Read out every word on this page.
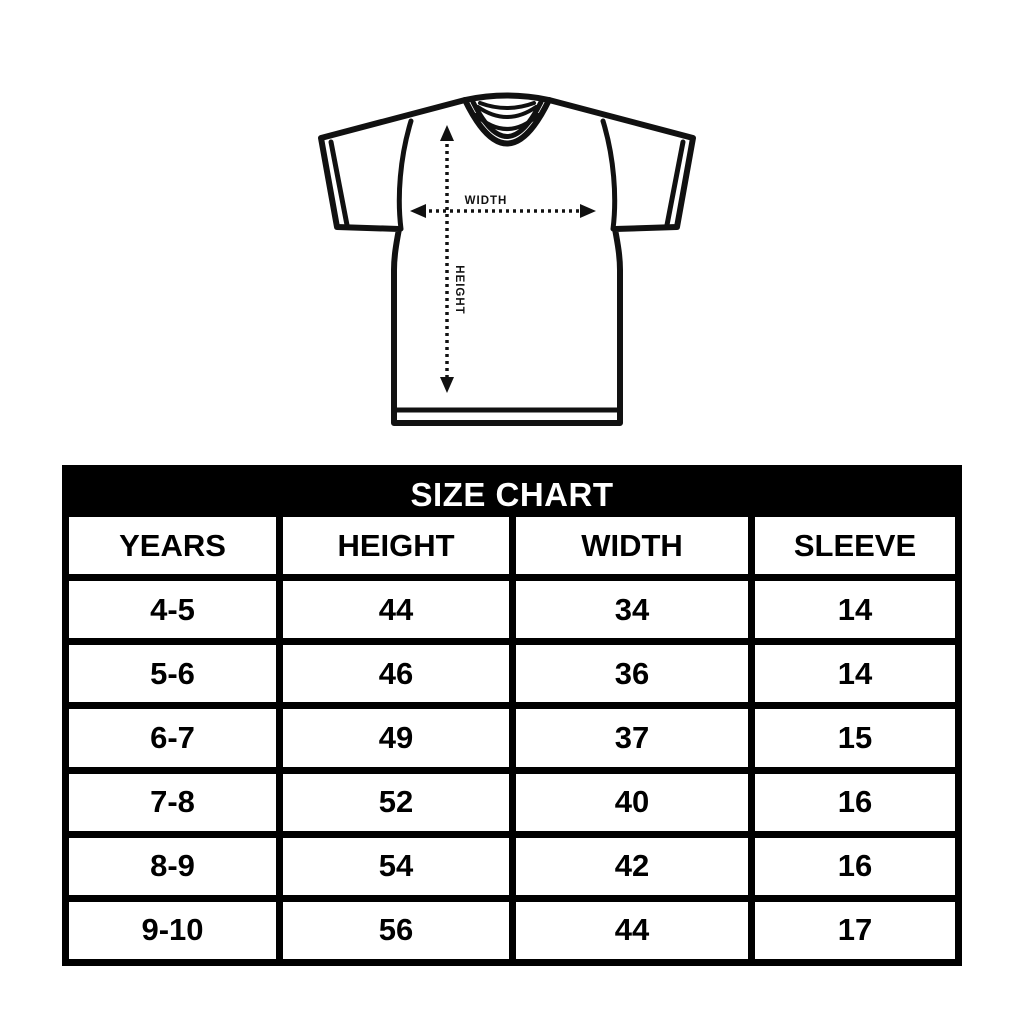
WIDTH
HEIGHT
SIZE CHART
YEARS	HEIGHT	WIDTH	SLEEVE
4-5	44	34	14
5-6	46	36	14
6-7	49	37	15
7-8	52	40	16
8-9	54	42	16
9-10	56	44	17
